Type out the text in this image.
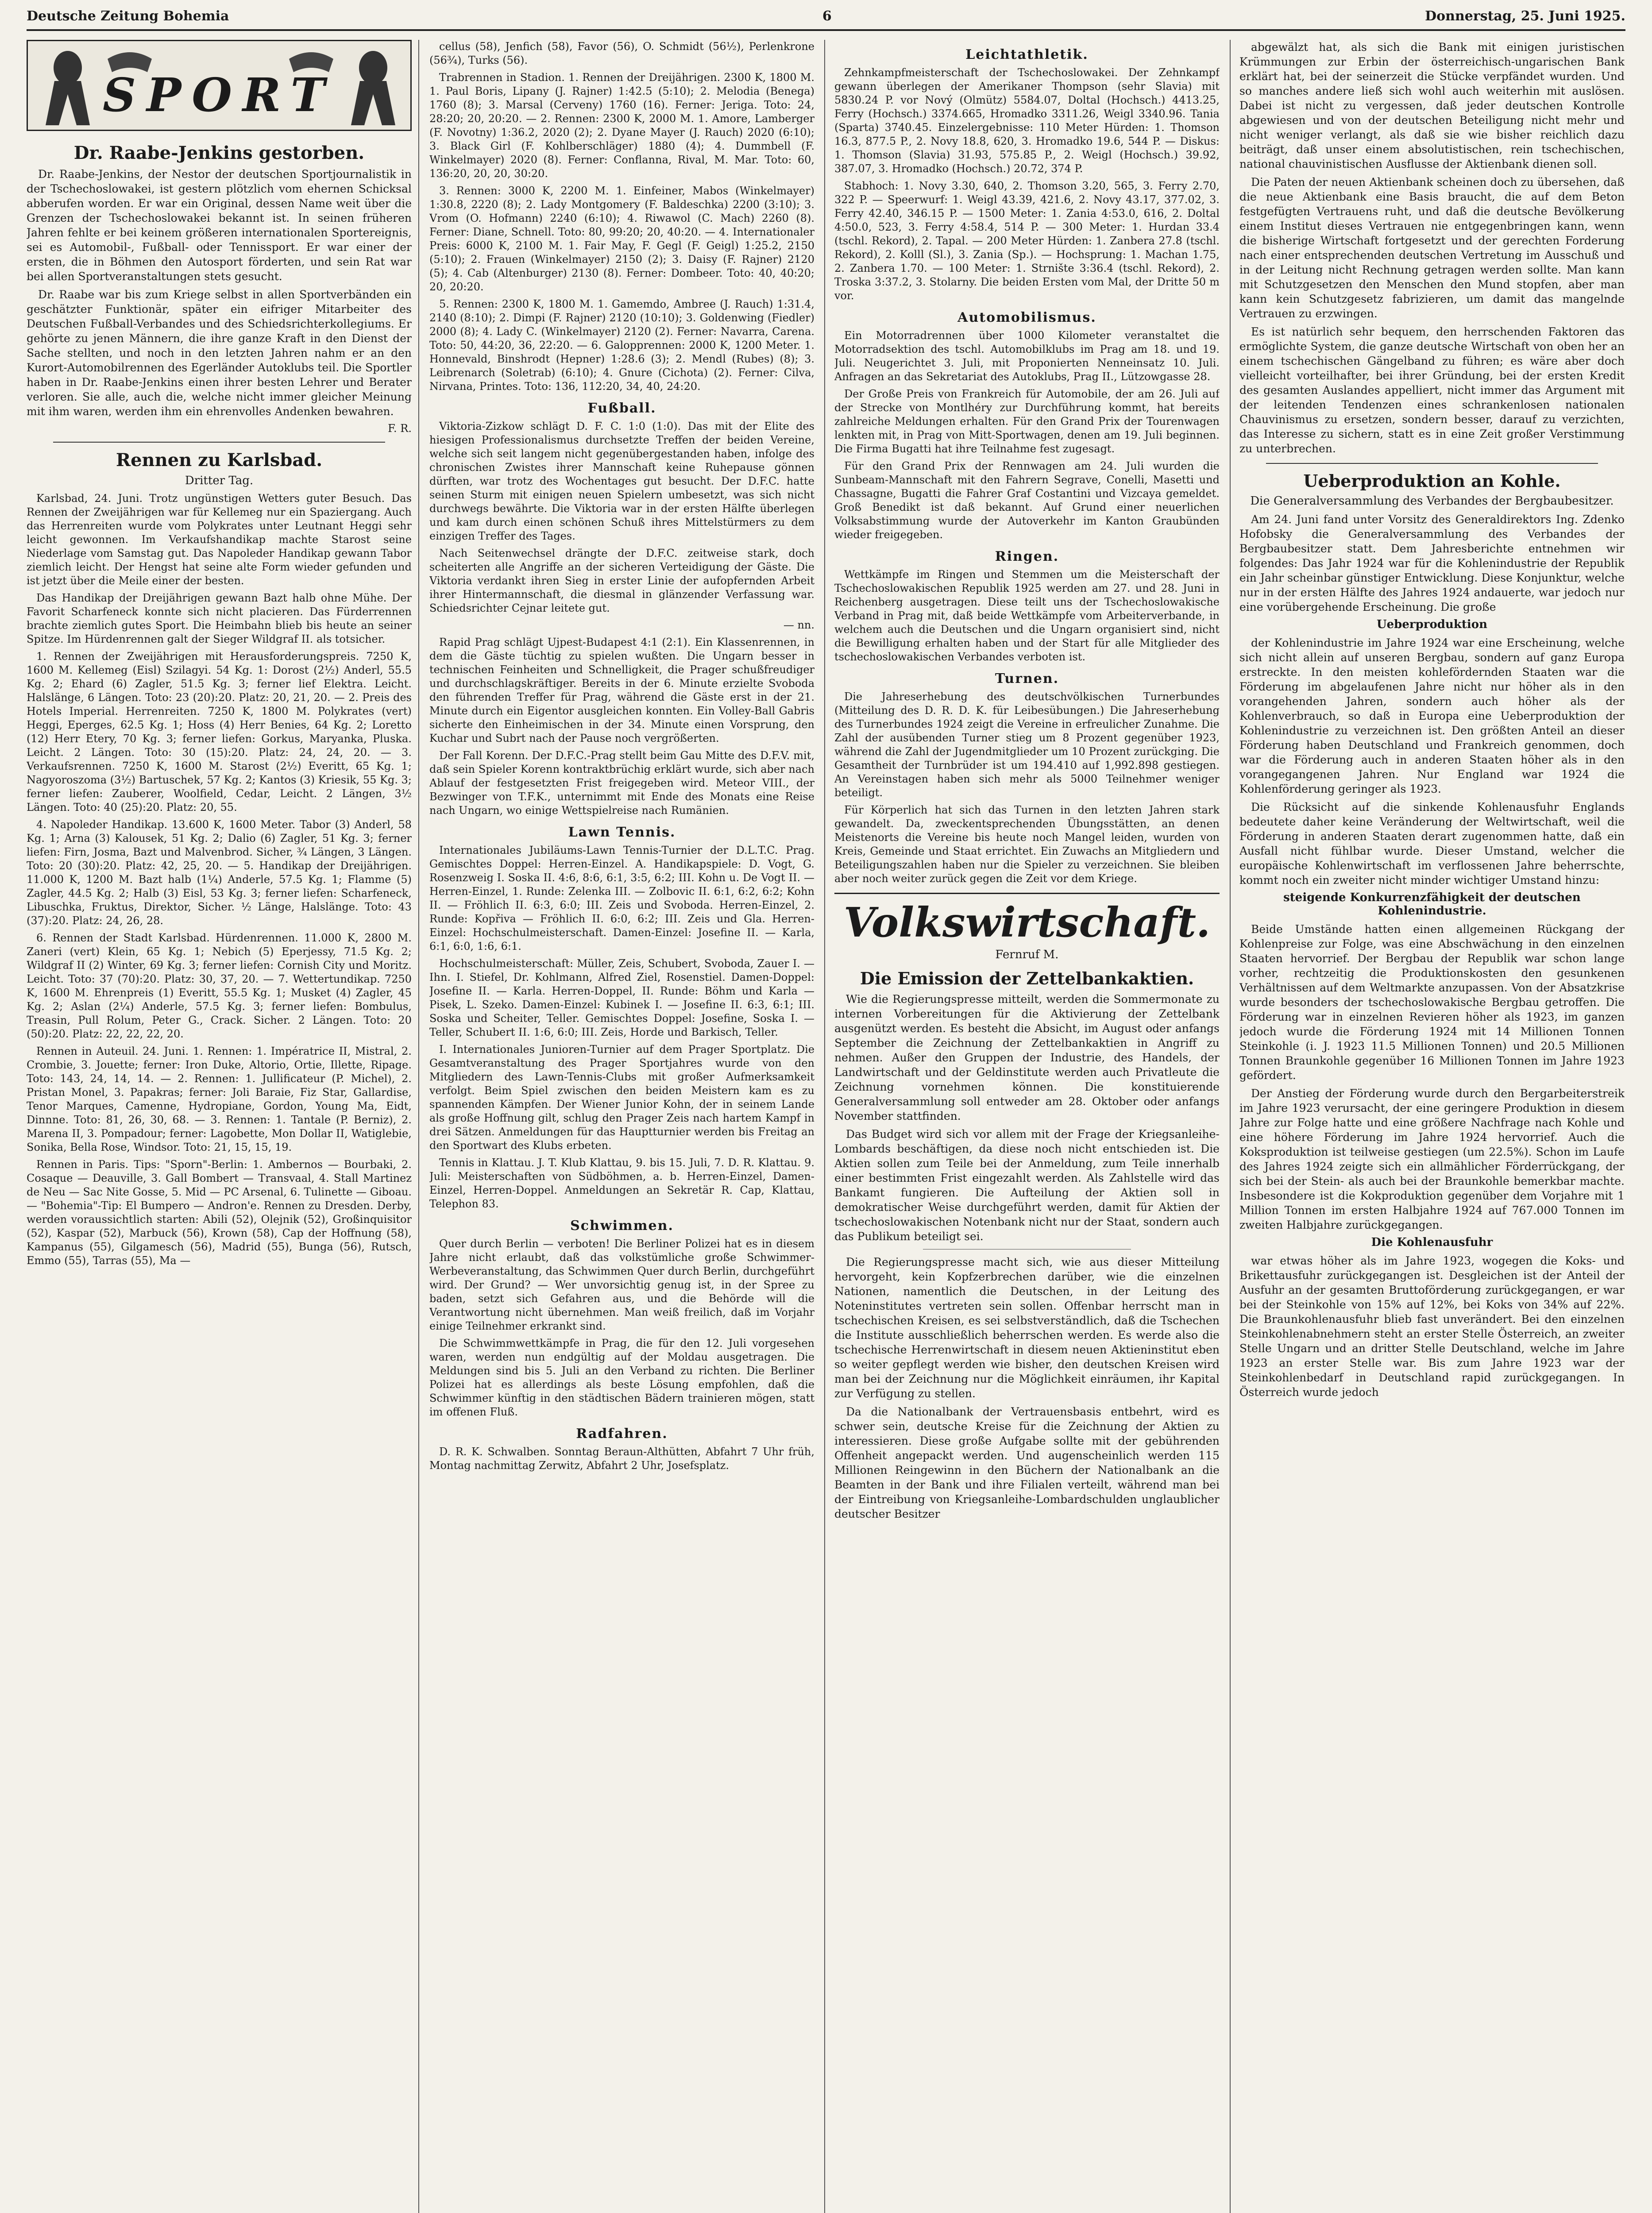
Deutsche Zeitung Bohemia	6	Donnerstag, 25. Juni 1925.
SPORT
Dr. Raabe-Jenkins gestorben.

Dr. Raabe-Jenkins, der Nestor der deutschen Sportjournalistik in der Tschechoslowakei, ist gestern plötzlich vom ehernen Schicksal abberufen worden. Er war ein Original, dessen Name weit über die Grenzen der Tschechoslowakei bekannt ist. In seinen früheren Jahren fehlte er bei keinem größeren internationalen Sportereignis, sei es Automobil-, Fußball- oder Tennissport. Er war einer der ersten, die in Böhmen den Autosport förderten, und sein Rat war bei allen Sportveranstaltungen stets gesucht.

Dr. Raabe war bis zum Kriege selbst in allen Sportverbänden ein geschätzter Funktionär, später ein eifriger Mitarbeiter des Deutschen Fußball-Verbandes und des Schiedsrichterkollegiums. Er gehörte zu jenen Männern, die ihre ganze Kraft in den Dienst der Sache stellten, und noch in den letzten Jahren nahm er an den Kurort-Automobilrennen des Egerländer Autoklubs teil. Die Sportler haben in Dr. Raabe-Jenkins einen ihrer besten Lehrer und Berater verloren. Sie alle, auch die, welche nicht immer gleicher Meinung mit ihm waren, werden ihm ein ehrenvolles Andenken bewahren.

F. R.
Rennen zu Karlsbad.
Dritter Tag.

Karlsbad, 24. Juni. Trotz ungünstigen Wetters guter Besuch. Das Rennen der Zweijährigen war für Kellemeg nur ein Spaziergang. Auch das Herrenreiten wurde vom Polykrates unter Leutnant Heggi sehr leicht gewonnen. Im Verkaufshandikap machte Starost seine Niederlage vom Samstag gut. Das Napoleder Handikap gewann Tabor ziemlich leicht. Der Hengst hat seine alte Form wieder gefunden und ist jetzt über die Meile einer der besten.

Das Handikap der Dreijährigen gewann Bazt halb ohne Mühe. Der Favorit Scharfeneck konnte sich nicht placieren. Das Fürderrennen brachte ziemlich gutes Sport. Die Heimbahn blieb bis heute an seiner Spitze. Im Hürdenrennen galt der Sieger Wildgraf II. als totsicher.

1. Rennen der Zweijährigen mit Herausforderungspreis. 7250 K, 1600 M. Kellemeg (Eisl) Szilagyi. 54 Kg. 1: Dorost (2½) Anderl, 55.5 Kg. 2; Ehard (6) Zagler, 51.5 Kg. 3; ferner lief Elektra. Leicht. Halslänge, 6 Längen. Toto: 23 (20):20. Platz: 20, 21, 20. — 2. Preis des Hotels Imperial. Herrenreiten. 7250 K, 1800 M. Polykrates (vert) Heggi, Eperges, 62.5 Kg. 1; Hoss (4) Herr Benies, 64 Kg. 2; Loretto (12) Herr Etery, 70 Kg. 3; ferner liefen: Gorkus, Maryanka, Pluska. Leicht. 2 Längen. Toto: 30 (15):20. Platz: 24, 24, 20. — 3. Verkaufsrennen. 7250 K, 1600 M. Starost (2½) Everitt, 65 Kg. 1; Nagyoroszoma (3½) Bartuschek, 57 Kg. 2; Kantos (3) Kriesik, 55 Kg. 3; ferner liefen: Zauberer, Woolfield, Cedar, Leicht. 2 Längen, 3½ Längen. Toto: 40 (25):20. Platz: 20, 55.

4. Napoleder Handikap. 13.600 K, 1600 Meter. Tabor (3) Anderl, 58 Kg. 1; Arna (3) Kalousek, 51 Kg. 2; Dalio (6) Zagler, 51 Kg. 3; ferner liefen: Firn, Josma, Bazt und Malvenbrod. Sicher, ¾ Längen, 3 Längen. Toto: 20 (30):20. Platz: 42, 25, 20. — 5. Handikap der Dreijährigen. 11.000 K, 1200 M. Bazt halb (1¼) Anderle, 57.5 Kg. 1; Flamme (5) Zagler, 44.5 Kg. 2; Halb (3) Eisl, 53 Kg. 3; ferner liefen: Scharfeneck, Libuschka, Fruktus, Direktor, Sicher. ½ Länge, Halslänge. Toto: 43 (37):20. Platz: 24, 26, 28.

6. Rennen der Stadt Karlsbad. Hürdenrennen. 11.000 K, 2800 M. Zaneri (vert) Klein, 65 Kg. 1; Nebich (5) Eperjessy, 71.5 Kg. 2; Wildgraf II (2) Winter, 69 Kg. 3; ferner liefen: Cornish City und Moritz. Leicht. Toto: 37 (70):20. Platz: 30, 37, 20. — 7. Wettertundikap. 7250 K, 1600 M. Ehrenpreis (1) Everitt, 55.5 Kg. 1; Musket (4) Zagler, 45 Kg. 2; Aslan (2¼) Anderle, 57.5 Kg. 3; ferner liefen: Bombulus, Treasin, Pull Rolum, Peter G., Crack. Sicher. 2 Längen. Toto: 20 (50):20. Platz: 22, 22, 22, 20.

Rennen in Auteuil. 24. Juni. 1. Rennen: 1. Impératrice II, Mistral, 2. Crombie, 3. Jouette; ferner: Iron Duke, Altorio, Ortie, Illette, Ripage. Toto: 143, 24, 14, 14. — 2. Rennen: 1. Jullificateur (P. Michel), 2. Pristan Monel, 3. Papakras; ferner: Joli Baraie, Fiz Star, Gallardise, Tenor Marques, Camenne, Hydropiane, Gordon, Young Ma, Eidt, Dinnne. Toto: 81, 26, 30, 68. — 3. Rennen: 1. Tantale (P. Berniz), 2. Marena II, 3. Pompadour; ferner: Lagobette, Mon Dollar II, Watiglebie, Sonika, Bella Rose, Windsor. Toto: 21, 15, 15, 19.

Rennen in Paris. Tips: "Sporn"-Berlin: 1. Ambernos — Bourbaki, 2. Cosaque — Deauville, 3. Gall Bombert — Transvaal, 4. Stall Martinez de Neu — Sac Nite Gosse, 5. Mid — PC Arsenal, 6. Tulinette — Giboau. — "Bohemia"-Tip: El Bumpero — Andron'e. Rennen zu Dresden. Derby, werden voraussichtlich starten: Abili (52), Olejnik (52), Großinquisitor (52), Kaspar (52), Marbuck (56), Krown (58), Cap der Hoffnung (58), Kampanus (55), Gilgamesch (56), Madrid (55), Bunga (56), Rutsch, Emmo (55), Tarras (55), Ma —

cellus (58), Jenfich (58), Favor (56), O. Schmidt (56½), Perlenkrone (56¾), Turks (56).

Trabrennen in Stadion. 1. Rennen der Dreijährigen. 2300 K, 1800 M. 1. Paul Boris, Lipany (J. Rajner) 1:42.5 (5:10); 2. Melodia (Benega) 1760 (8); 3. Marsal (Cerveny) 1760 (16). Ferner: Jeriga. Toto: 24, 28:20; 20, 20:20. — 2. Rennen: 2300 K, 2000 M. 1. Amore, Lamberger (F. Novotny) 1:36.2, 2020 (2); 2. Dyane Mayer (J. Rauch) 2020 (6:10); 3. Black Girl (F. Kohlberschläger) 1880 (4); 4. Dummbell (F. Winkelmayer) 2020 (8). Ferner: Conflanna, Rival, M. Mar. Toto: 60, 136:20, 20, 20, 30:20.

3. Rennen: 3000 K, 2200 M. 1. Einfeiner, Mabos (Winkelmayer) 1:30.8, 2220 (8); 2. Lady Montgomery (F. Baldeschka) 2200 (3:10); 3. Vrom (O. Hofmann) 2240 (6:10); 4. Riwawol (C. Mach) 2260 (8). Ferner: Diane, Schnell. Toto: 80, 99:20; 20, 40:20. — 4. Internationaler Preis: 6000 K, 2100 M. 1. Fair May, F. Gegl (F. Geigl) 1:25.2, 2150 (5:10); 2. Frauen (Winkelmayer) 2150 (2); 3. Daisy (F. Rajner) 2120 (5); 4. Cab (Altenburger) 2130 (8). Ferner: Dombeer. Toto: 40, 40:20; 20, 20:20.

5. Rennen: 2300 K, 1800 M. 1. Gamemdo, Ambree (J. Rauch) 1:31.4, 2140 (8:10); 2. Dimpi (F. Rajner) 2120 (10:10); 3. Goldenwing (Fiedler) 2000 (8); 4. Lady C. (Winkelmayer) 2120 (2). Ferner: Navarra, Carena. Toto: 50, 44:20, 36, 22:20. — 6. Galopprennen: 2000 K, 1200 Meter. 1. Honnevald, Binshrodt (Hepner) 1:28.6 (3); 2. Mendl (Rubes) (8); 3. Leibrenarch (Soletrab) (6:10); 4. Gnure (Cichota) (2). Ferner: Cilva, Nirvana, Printes. Toto: 136, 112:20, 34, 40, 24:20.

Fußball.

Viktoria-Zizkow schlägt D. F. C. 1:0 (1:0). Das mit der Elite des hiesigen Professionalismus durchsetzte Treffen der beiden Vereine, welche sich seit langem nicht gegenübergestanden haben, infolge des chronischen Zwistes ihrer Mannschaft keine Ruhepause gönnen dürften, war trotz des Wochentages gut besucht. Der D.F.C. hatte seinen Sturm mit einigen neuen Spielern umbesetzt, was sich nicht durchwegs bewährte. Die Viktoria war in der ersten Hälfte überlegen und kam durch einen schönen Schuß ihres Mittelstürmers zu dem einzigen Treffer des Tages.

Nach Seitenwechsel drängte der D.F.C. zeitweise stark, doch scheiterten alle Angriffe an der sicheren Verteidigung der Gäste. Die Viktoria verdankt ihren Sieg in erster Linie der aufopfernden Arbeit ihrer Hintermannschaft, die diesmal in glänzender Verfassung war. Schiedsrichter Cejnar leitete gut.

— nn.

Rapid Prag schlägt Ujpest-Budapest 4:1 (2:1). Ein Klassenrennen, in dem die Gäste tüchtig zu spielen wußten. Die Ungarn besser in technischen Feinheiten und Schnelligkeit, die Prager schußfreudiger und durchschlagskräftiger. Bereits in der 6. Minute erzielte Svoboda den führenden Treffer für Prag, während die Gäste erst in der 21. Minute durch ein Eigentor ausgleichen konnten. Ein Volley-Ball Gabris sicherte den Einheimischen in der 34. Minute einen Vorsprung, den Kuchar und Subrt nach der Pause noch vergrößerten.

Der Fall Korenn. Der D.F.C.-Prag stellt beim Gau Mitte des D.F.V. mit, daß sein Spieler Korenn kontraktbrüchig erklärt wurde, sich aber nach Ablauf der festgesetzten Frist freigegeben wird. Meteor VIII., der Bezwinger von T.F.K., unternimmt mit Ende des Monats eine Reise nach Ungarn, wo einige Wettspielreise nach Rumänien.

Lawn Tennis.

Internationales Jubiläums-Lawn Tennis-Turnier der D.L.T.C. Prag. Gemischtes Doppel: Herren-Einzel. A. Handikapspiele: D. Vogt, G. Rosenzweig I. Soska II. 4:6, 8:6, 6:1, 3:5, 6:2; III. Kohn u. De Vogt II. — Herren-Einzel, 1. Runde: Zelenka III. — Zolbovic II. 6:1, 6:2, 6:2; Kohn II. — Fröhlich II. 6:3, 6:0; III. Zeis und Svoboda. Herren-Einzel, 2. Runde: Kopřiva — Fröhlich II. 6:0, 6:2; III. Zeis und Gla. Herren-Einzel: Hochschulmeisterschaft. Damen-Einzel: Josefine II. — Karla, 6:1, 6:0, 1:6, 6:1.

Hochschulmeisterschaft: Müller, Zeis, Schubert, Svoboda, Zauer I. — Ihn. I. Stiefel, Dr. Kohlmann, Alfred Ziel, Rosenstiel. Damen-Doppel: Josefine II. — Karla. Herren-Doppel, II. Runde: Böhm und Karla — Pisek, L. Szeko. Damen-Einzel: Kubinek I. — Josefine II. 6:3, 6:1; III. Soska und Scheiter, Teller. Gemischtes Doppel: Josefine, Soska I. — Teller, Schubert II. 1:6, 6:0; III. Zeis, Horde und Barkisch, Teller.

I. Internationales Junioren-Turnier auf dem Prager Sportplatz. Die Gesamtveranstaltung des Prager Sportjahres wurde von den Mitgliedern des Lawn-Tennis-Clubs mit großer Aufmerksamkeit verfolgt. Beim Spiel zwischen den beiden Meistern kam es zu spannenden Kämpfen. Der Wiener Junior Kohn, der in seinem Lande als große Hoffnung gilt, schlug den Prager Zeis nach hartem Kampf in drei Sätzen. Anmeldungen für das Hauptturnier werden bis Freitag an den Sportwart des Klubs erbeten.

Tennis in Klattau. J. T. Klub Klattau, 9. bis 15. Juli, 7. D. R. Klattau. 9. Juli: Meisterschaften von Südböhmen, a. b. Herren-Einzel, Damen-Einzel, Herren-Doppel. Anmeldungen an Sekretär R. Cap, Klattau, Telephon 83.

Schwimmen.

Quer durch Berlin — verboten! Die Berliner Polizei hat es in diesem Jahre nicht erlaubt, daß das volkstümliche große Schwimmer-Werbeveranstaltung, das Schwimmen Quer durch Berlin, durchgeführt wird. Der Grund? — Wer unvorsichtig genug ist, in der Spree zu baden, setzt sich Gefahren aus, und die Behörde will die Verantwortung nicht übernehmen. Man weiß freilich, daß im Vorjahr einige Teilnehmer erkrankt sind.

Die Schwimmwettkämpfe in Prag, die für den 12. Juli vorgesehen waren, werden nun endgültig auf der Moldau ausgetragen. Die Meldungen sind bis 5. Juli an den Verband zu richten. Die Berliner Polizei hat es allerdings als beste Lösung empfohlen, daß die Schwimmer künftig in den städtischen Bädern trainieren mögen, statt im offenen Fluß.

Radfahren.

D. R. K. Schwalben. Sonntag Beraun-Althütten, Abfahrt 7 Uhr früh, Montag nachmittag Zerwitz, Abfahrt 2 Uhr, Josefsplatz.

Leichtathletik.

Zehnkampfmeisterschaft der Tschechoslowakei. Der Zehnkampf gewann überlegen der Amerikaner Thompson (sehr Slavia) mit 5830.24 P. vor Nový (Olmütz) 5584.07, Doltal (Hochsch.) 4413.25, Ferry (Hochsch.) 3374.665, Hromadko 3311.26, Weigl 3340.96. Tania (Sparta) 3740.45. Einzelergebnisse: 110 Meter Hürden: 1. Thomson 16.3, 877.5 P., 2. Novy 18.8, 620, 3. Hromadko 19.6, 544 P. — Diskus: 1. Thomson (Slavia) 31.93, 575.85 P., 2. Weigl (Hochsch.) 39.92, 387.07, 3. Hromadko (Hochsch.) 20.72, 374 P.

Stabhoch: 1. Novy 3.30, 640, 2. Thomson 3.20, 565, 3. Ferry 2.70, 322 P. — Speerwurf: 1. Weigl 43.39, 421.6, 2. Novy 43.17, 377.02, 3. Ferry 42.40, 346.15 P. — 1500 Meter: 1. Zania 4:53.0, 616, 2. Doltal 4:50.0, 523, 3. Ferry 4:58.4, 514 P. — 300 Meter: 1. Hurdan 33.4 (tschl. Rekord), 2. Tapal. — 200 Meter Hürden: 1. Zanbera 27.8 (tschl. Rekord), 2. Kolll (Sl.), 3. Zania (Sp.). — Hochsprung: 1. Machan 1.75, 2. Zanbera 1.70. — 100 Meter: 1. Strnište 3:36.4 (tschl. Rekord), 2. Troska 3:37.2, 3. Stolarny. Die beiden Ersten vom Mal, der Dritte 50 m vor.

Automobilismus.

Ein Motorradrennen über 1000 Kilometer veranstaltet die Motorradsektion des tschl. Automobilklubs im Prag am 18. und 19. Juli. Neugerichtet 3. Juli, mit Proponierten Nenneinsatz 10. Juli. Anfragen an das Sekretariat des Autoklubs, Prag II., Lützowgasse 28.

Der Große Preis von Frankreich für Automobile, der am 26. Juli auf der Strecke von Montlhéry zur Durchführung kommt, hat bereits zahlreiche Meldungen erhalten. Für den Grand Prix der Tourenwagen lenkten mit, in Prag von Mitt-Sportwagen, denen am 19. Juli beginnen. Die Firma Bugatti hat ihre Teilnahme fest zugesagt.

Für den Grand Prix der Rennwagen am 24. Juli wurden die Sunbeam-Mannschaft mit den Fahrern Segrave, Conelli, Masetti und Chassagne, Bugatti die Fahrer Graf Costantini und Vizcaya gemeldet. Groß Benedikt ist daß bekannt. Auf Grund einer neuerlichen Volksabstimmung wurde der Autoverkehr im Kanton Graubünden wieder freigegeben.

Ringen.

Wettkämpfe im Ringen und Stemmen um die Meisterschaft der Tschechoslowakischen Republik 1925 werden am 27. und 28. Juni in Reichenberg ausgetragen. Diese teilt uns der Tschechoslowakische Verband in Prag mit, daß beide Wettkämpfe vom Arbeiterverbande, in welchem auch die Deutschen und die Ungarn organisiert sind, nicht die Bewilligung erhalten haben und der Start für alle Mitglieder des tschechoslowakischen Verbandes verboten ist.

Turnen.

Die Jahreserhebung des deutschvölkischen Turnerbundes (Mitteilung des D. R. D. K. für Leibesübungen.) Die Jahreserhebung des Turnerbundes 1924 zeigt die Vereine in erfreulicher Zunahme. Die Zahl der ausübenden Turner stieg um 8 Prozent gegenüber 1923, während die Zahl der Jugendmitglieder um 10 Prozent zurückging. Die Gesamtheit der Turnbrüder ist um 194.410 auf 1,992.898 gestiegen. An Vereinstagen haben sich mehr als 5000 Teilnehmer weniger beteiligt.

Für Körperlich hat sich das Turnen in den letzten Jahren stark gewandelt. Da, zweckentsprechenden Übungsstätten, an denen Meistenorts die Vereine bis heute noch Mangel leiden, wurden von Kreis, Gemeinde und Staat errichtet. Ein Zuwachs an Mitgliedern und Beteiligungszahlen haben nur die Spieler zu verzeichnen. Sie bleiben aber noch weiter zurück gegen die Zeit vor dem Kriege.

Volkswirtschaft.
Fernruf M.
Die Emission der Zettelbankaktien.

Wie die Regierungspresse mitteilt, werden die Sommermonate zu internen Vorbereitungen für die Aktivierung der Zettelbank ausgenützt werden. Es besteht die Absicht, im August oder anfangs September die Zeichnung der Zettelbankaktien in Angriff zu nehmen. Außer den Gruppen der Industrie, des Handels, der Landwirtschaft und der Geldinstitute werden auch Privatleute die Zeichnung vornehmen können. Die konstituierende Generalversammlung soll entweder am 28. Oktober oder anfangs November stattfinden.

Das Budget wird sich vor allem mit der Frage der Kriegsanleihe-Lombards beschäftigen, da diese noch nicht entschieden ist. Die Aktien sollen zum Teile bei der Anmeldung, zum Teile innerhalb einer bestimmten Frist eingezahlt werden. Als Zahlstelle wird das Bankamt fungieren. Die Aufteilung der Aktien soll in demokratischer Weise durchgeführt werden, damit für Aktien der tschechoslowakischen Notenbank nicht nur der Staat, sondern auch das Publikum beteiligt sei.

Die Regierungspresse macht sich, wie aus dieser Mitteilung hervorgeht, kein Kopfzerbrechen darüber, wie die einzelnen Nationen, namentlich die Deutschen, in der Leitung des Noteninstitutes vertreten sein sollen. Offenbar herrscht man in tschechischen Kreisen, es sei selbstverständlich, daß die Tschechen die Institute ausschließlich beherrschen werden. Es werde also die tschechische Herrenwirtschaft in diesem neuen Aktieninstitut eben so weiter gepflegt werden wie bisher, den deutschen Kreisen wird man bei der Zeichnung nur die Möglichkeit einräumen, ihr Kapital zur Verfügung zu stellen.

Da die Nationalbank der Vertrauensbasis entbehrt, wird es schwer sein, deutsche Kreise für die Zeichnung der Aktien zu interessieren. Diese große Aufgabe sollte mit der gebührenden Offenheit angepackt werden. Und augenscheinlich werden 115 Millionen Reingewinn in den Büchern der Nationalbank an die Beamten in der Bank und ihre Filialen verteilt, während man bei der Eintreibung von Kriegsanleihe-Lombardschulden unglaublicher deutscher Besitzer

abgewälzt hat, als sich die Bank mit einigen juristischen Krümmungen zur Erbin der österreichisch-ungarischen Bank erklärt hat, bei der seinerzeit die Stücke verpfändet wurden. Und so manches andere ließ sich wohl auch weiterhin mit auslösen. Dabei ist nicht zu vergessen, daß jeder deutschen Kontrolle abgewiesen und von der deutschen Beteiligung nicht mehr und nicht weniger verlangt, als daß sie wie bisher reichlich dazu beiträgt, daß unser einem absolutistischen, rein tschechischen, national chauvinistischen Ausflusse der Aktienbank dienen soll.

Die Paten der neuen Aktienbank scheinen doch zu übersehen, daß die neue Aktienbank eine Basis braucht, die auf dem Beton festgefügten Vertrauens ruht, und daß die deutsche Bevölkerung einem Institut dieses Vertrauen nie entgegenbringen kann, wenn die bisherige Wirtschaft fortgesetzt und der gerechten Forderung nach einer entsprechenden deutschen Vertretung im Ausschuß und in der Leitung nicht Rechnung getragen werden sollte. Man kann mit Schutzgesetzen den Menschen den Mund stopfen, aber man kann kein Schutzgesetz fabrizieren, um damit das mangelnde Vertrauen zu erzwingen.

Es ist natürlich sehr bequem, den herrschenden Faktoren das ermöglichte System, die ganze deutsche Wirtschaft von oben her an einem tschechischen Gängelband zu führen; es wäre aber doch vielleicht vorteilhafter, bei ihrer Gründung, bei der ersten Kredit des gesamten Auslandes appelliert, nicht immer das Argument mit der leitenden Tendenzen eines schrankenlosen nationalen Chauvinismus zu ersetzen, sondern besser, darauf zu verzichten, das Interesse zu sichern, statt es in eine Zeit großer Verstimmung zu unterbrechen.

Ueberproduktion an Kohle.
Die Generalversammlung des Verbandes der Bergbaubesitzer.

Am 24. Juni fand unter Vorsitz des Generaldirektors Ing. Zdenko Hofobsky die Generalversammlung des Verbandes der Bergbaubesitzer statt. Dem Jahresberichte entnehmen wir folgendes: Das Jahr 1924 war für die Kohlenindustrie der Republik ein Jahr scheinbar günstiger Entwicklung. Diese Konjunktur, welche nur in der ersten Hälfte des Jahres 1924 andauerte, war jedoch nur eine vorübergehende Erscheinung. Die große

Ueberproduktion

der Kohlenindustrie im Jahre 1924 war eine Erscheinung, welche sich nicht allein auf unseren Bergbau, sondern auf ganz Europa erstreckte. In den meisten kohlefördernden Staaten war die Förderung im abgelaufenen Jahre nicht nur höher als in den vorangehenden Jahren, sondern auch höher als der Kohlenverbrauch, so daß in Europa eine Ueberproduktion der Kohlenindustrie zu verzeichnen ist. Den größten Anteil an dieser Förderung haben Deutschland und Frankreich genommen, doch war die Förderung auch in anderen Staaten höher als in den vorangegangenen Jahren. Nur England war 1924 die Kohlenförderung geringer als 1923.

Die Rücksicht auf die sinkende Kohlenausfuhr Englands bedeutete daher keine Veränderung der Weltwirtschaft, weil die Förderung in anderen Staaten derart zugenommen hatte, daß ein Ausfall nicht fühlbar wurde. Dieser Umstand, welcher die europäische Kohlenwirtschaft im verflossenen Jahre beherrschte, kommt noch ein zweiter nicht minder wichtiger Umstand hinzu:

steigende Konkurrenzfähigkeit der deutschen Kohlenindustrie.

Beide Umstände hatten einen allgemeinen Rückgang der Kohlenpreise zur Folge, was eine Abschwächung in den einzelnen Staaten hervorrief. Der Bergbau der Republik war schon lange vorher, rechtzeitig die Produktionskosten den gesunkenen Verhältnissen auf dem Weltmarkte anzupassen. Von der Absatzkrise wurde besonders der tschechoslowakische Bergbau getroffen. Die Förderung war in einzelnen Revieren höher als 1923, im ganzen jedoch wurde die Förderung 1924 mit 14 Millionen Tonnen Steinkohle (i. J. 1923 11.5 Millionen Tonnen) und 20.5 Millionen Tonnen Braunkohle gegenüber 16 Millionen Tonnen im Jahre 1923 gefördert.

Der Anstieg der Förderung wurde durch den Bergarbeiterstreik im Jahre 1923 verursacht, der eine geringere Produktion in diesem Jahre zur Folge hatte und eine größere Nachfrage nach Kohle und eine höhere Förderung im Jahre 1924 hervorrief. Auch die Koksproduktion ist teilweise gestiegen (um 22.5%). Schon im Laufe des Jahres 1924 zeigte sich ein allmählicher Förderrückgang, der sich bei der Stein- als auch bei der Braunkohle bemerkbar machte. Insbesondere ist die Kokproduktion gegenüber dem Vorjahre mit 1 Million Tonnen im ersten Halbjahre 1924 auf 767.000 Tonnen im zweiten Halbjahre zurückgegangen.

Die Kohlenausfuhr

war etwas höher als im Jahre 1923, wogegen die Koks- und Brikettausfuhr zurückgegangen ist. Desgleichen ist der Anteil der Ausfuhr an der gesamten Bruttoförderung zurückgegangen, er war bei der Steinkohle von 15% auf 12%, bei Koks von 34% auf 22%. Die Braunkohlenausfuhr blieb fast unverändert. Bei den einzelnen Steinkohlenabnehmern steht an erster Stelle Österreich, an zweiter Stelle Ungarn und an dritter Stelle Deutschland, welche im Jahre 1923 an erster Stelle war. Bis zum Jahre 1923 war der Steinkohlenbedarf in Deutschland rapid zurückgegangen. In Österreich wurde jedoch
